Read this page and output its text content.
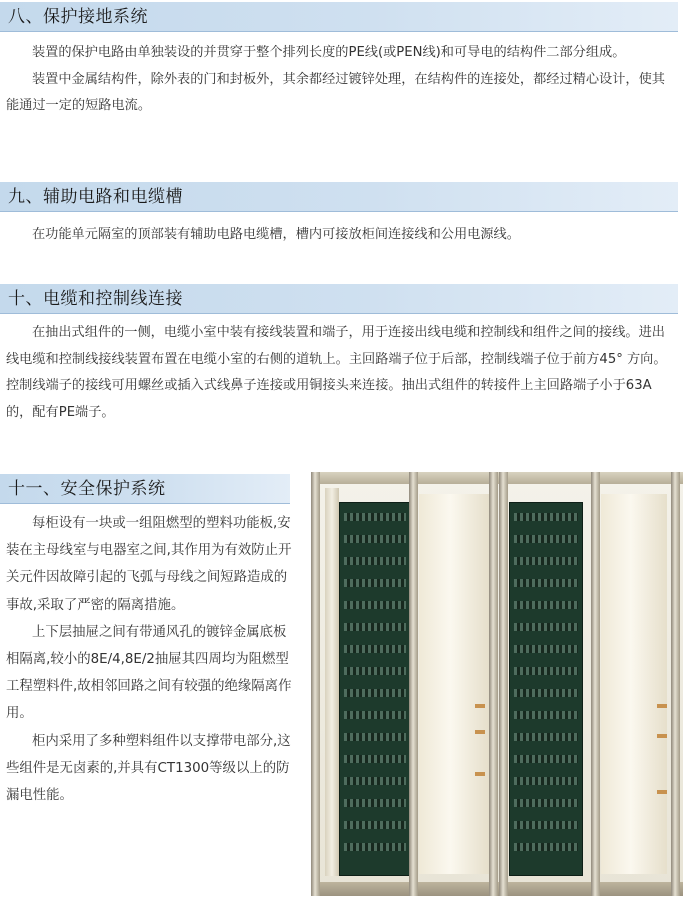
八、保护接地系统

装置的保护电路由单独装设的并贯穿于整个排列长度的PE线(或PEN线)和可导电的结构件二部分组成。

装置中金属结构件，除外表的门和封板外，其余都经过镀锌处理，在结构件的连接处，都经过精心设计，使其能通过一定的短路电流。

九、辅助电路和电缆槽

在功能单元隔室的顶部装有辅助电路电缆槽，槽内可接放柜间连接线和公用电源线。

十、电缆和控制线连接

在抽出式组件的一侧，电缆小室中装有接线装置和端子，用于连接出线电缆和控制线和组件之间的接线。进出线电缆和控制线接线装置布置在电缆小室的右侧的道轨上。主回路端子位于后部，控制线端子位于前方45° 方向。控制线端子的接线可用螺丝或插入式线鼻子连接或用铜接头来连接。抽出式组件的转接件上主回路端子小于63A的，配有PE端子。

十一、安全保护系统

每柜设有一块或一组阻燃型的塑料功能板,安装在主母线室与电器室之间,其作用为有效防止开关元件因故障引起的飞弧与母线之间短路造成的事故,采取了严密的隔离措施。

上下层抽屉之间有带通风孔的镀锌金属底板相隔离,较小的8E/4,8E/2抽屉其四周均为阻燃型工程塑料件,故相邻回路之间有较强的绝缘隔离作用。

柜内采用了多种塑料组件以支撑带电部分,这些组件是无卤素的,并具有CT1300等级以上的防漏电性能。
